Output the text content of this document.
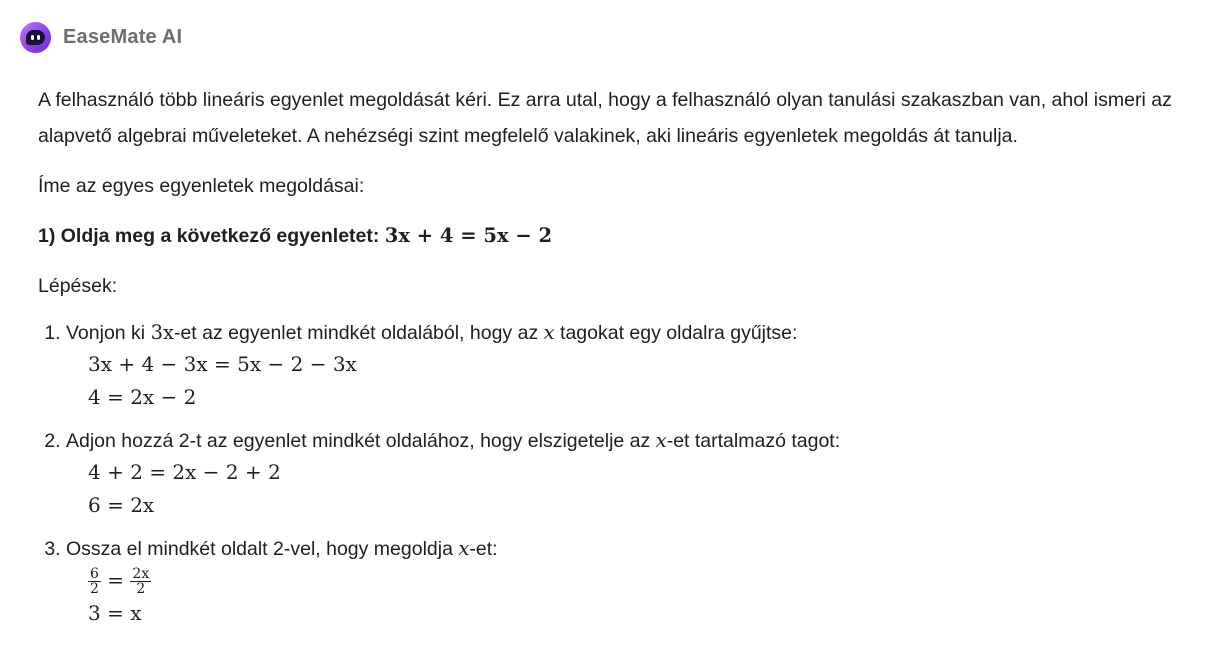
EaseMate AI

A felhasználó több lineáris egyenlet megoldását kéri. Ez arra utal, hogy a felhasználó olyan tanulási szakaszban van, ahol ismeri az alapvető algebrai műveleteket. A nehézségi szint megfelelő valakinek, aki lineáris egyenletek megoldás át tanulja.

Íme az egyes egyenletek megoldásai:

1) Oldja meg a következő egyenletet: 3x + 4 = 5x − 2

Lépések:

1. Vonjon ki 3x-et az egyenlet mindkét oldalából, hogy az x tagokat egy oldalra gyűjtse:
3x + 4 − 3x = 5x − 2 − 3x
4 = 2x − 2
2. Adjon hozzá 2-t az egyenlet mindkét oldalához, hogy elszigetelje az x-et tartalmazó tagot:
4 + 2 = 2x − 2 + 2
6 = 2x
3. Ossza el mindkét oldalt 2-vel, hogy megoldja x-et:
$\frac{6}{2} = \frac{2x}{2}$
3 = x
